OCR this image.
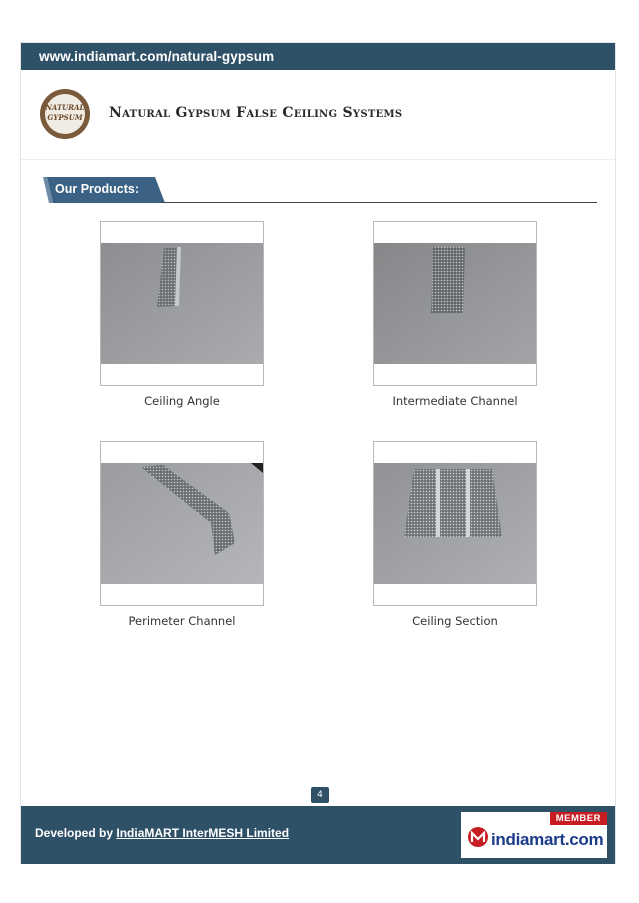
www.indiamart.com/natural-gypsum
NATURAL
GYPSUM Natural Gypsum False Ceiling Systems
Our Products:
Ceiling Angle	Intermediate Channel
Perimeter Channel	Ceiling Section
4
Developed by IndiaMART InterMESH Limited
MEMBER
indiamart.com
